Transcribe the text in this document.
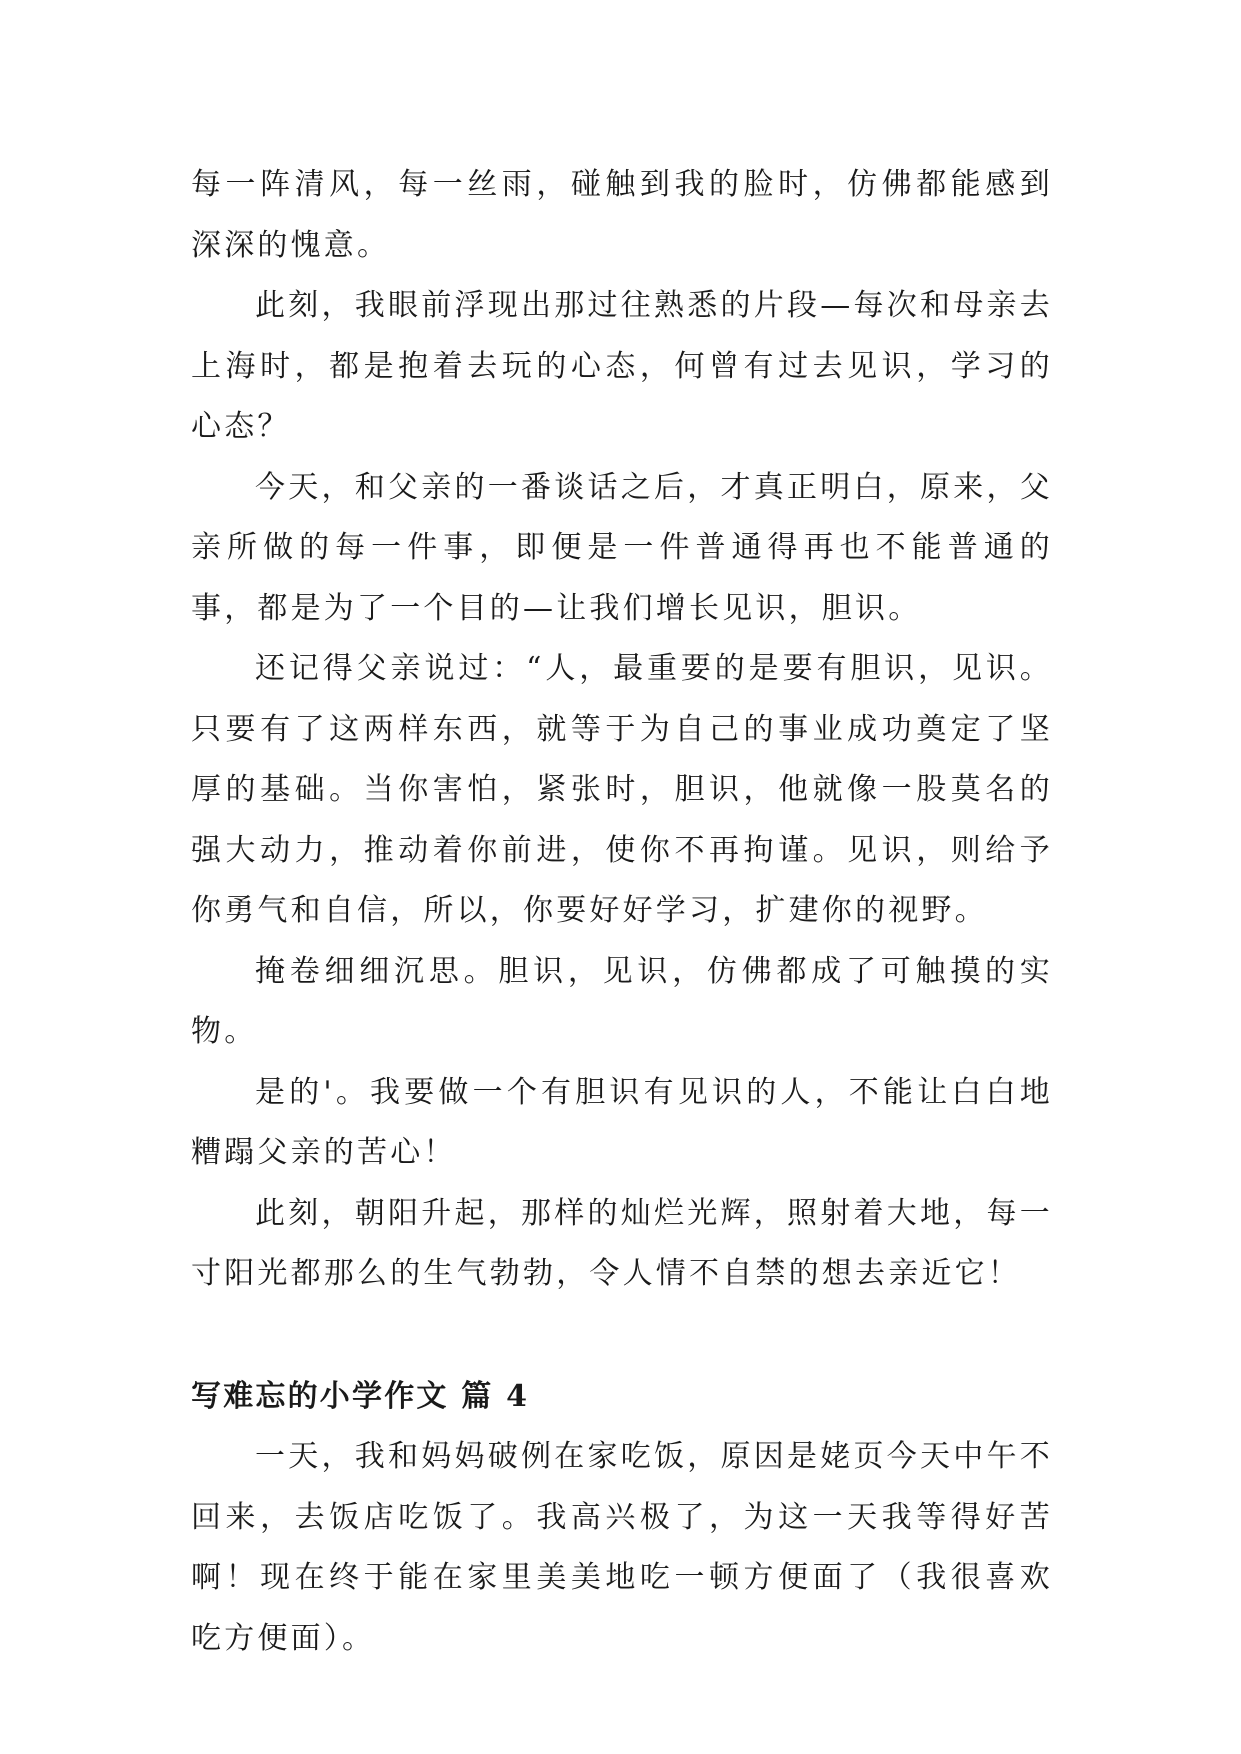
每一阵清风，每一丝雨，碰触到我的脸时，仿佛都能感到深深的愧意。

此刻，我眼前浮现出那过往熟悉的片段—每次和母亲去上海时，都是抱着去玩的心态，何曾有过去见识，学习的心态？

今天，和父亲的一番谈话之后，才真正明白，原来，父亲所做的每一件事，即便是一件普通得再也不能普通的事，都是为了一个目的—让我们增长见识，胆识。

还记得父亲说过：“人，最重要的是要有胆识，见识。只要有了这两样东西，就等于为自己的事业成功奠定了坚厚的基础。当你害怕，紧张时，胆识，他就像一股莫名的强大动力，推动着你前进，使你不再拘谨。见识，则给予你勇气和自信，所以，你要好好学习，扩建你的视野。

掩卷细细沉思。胆识，见识，仿佛都成了可触摸的实物。

是的'。我要做一个有胆识有见识的人，不能让白白地糟蹋父亲的苦心！

此刻，朝阳升起，那样的灿烂光辉，照射着大地，每一寸阳光都那么的生气勃勃，令人情不自禁的想去亲近它！

写难忘的小学作文 篇 4

一天，我和妈妈破例在家吃饭，原因是姥页今天中午不回来，去饭店吃饭了。我高兴极了，为这一天我等得好苦啊！现在终于能在家里美美地吃一顿方便面了（我很喜欢吃方便面）。
